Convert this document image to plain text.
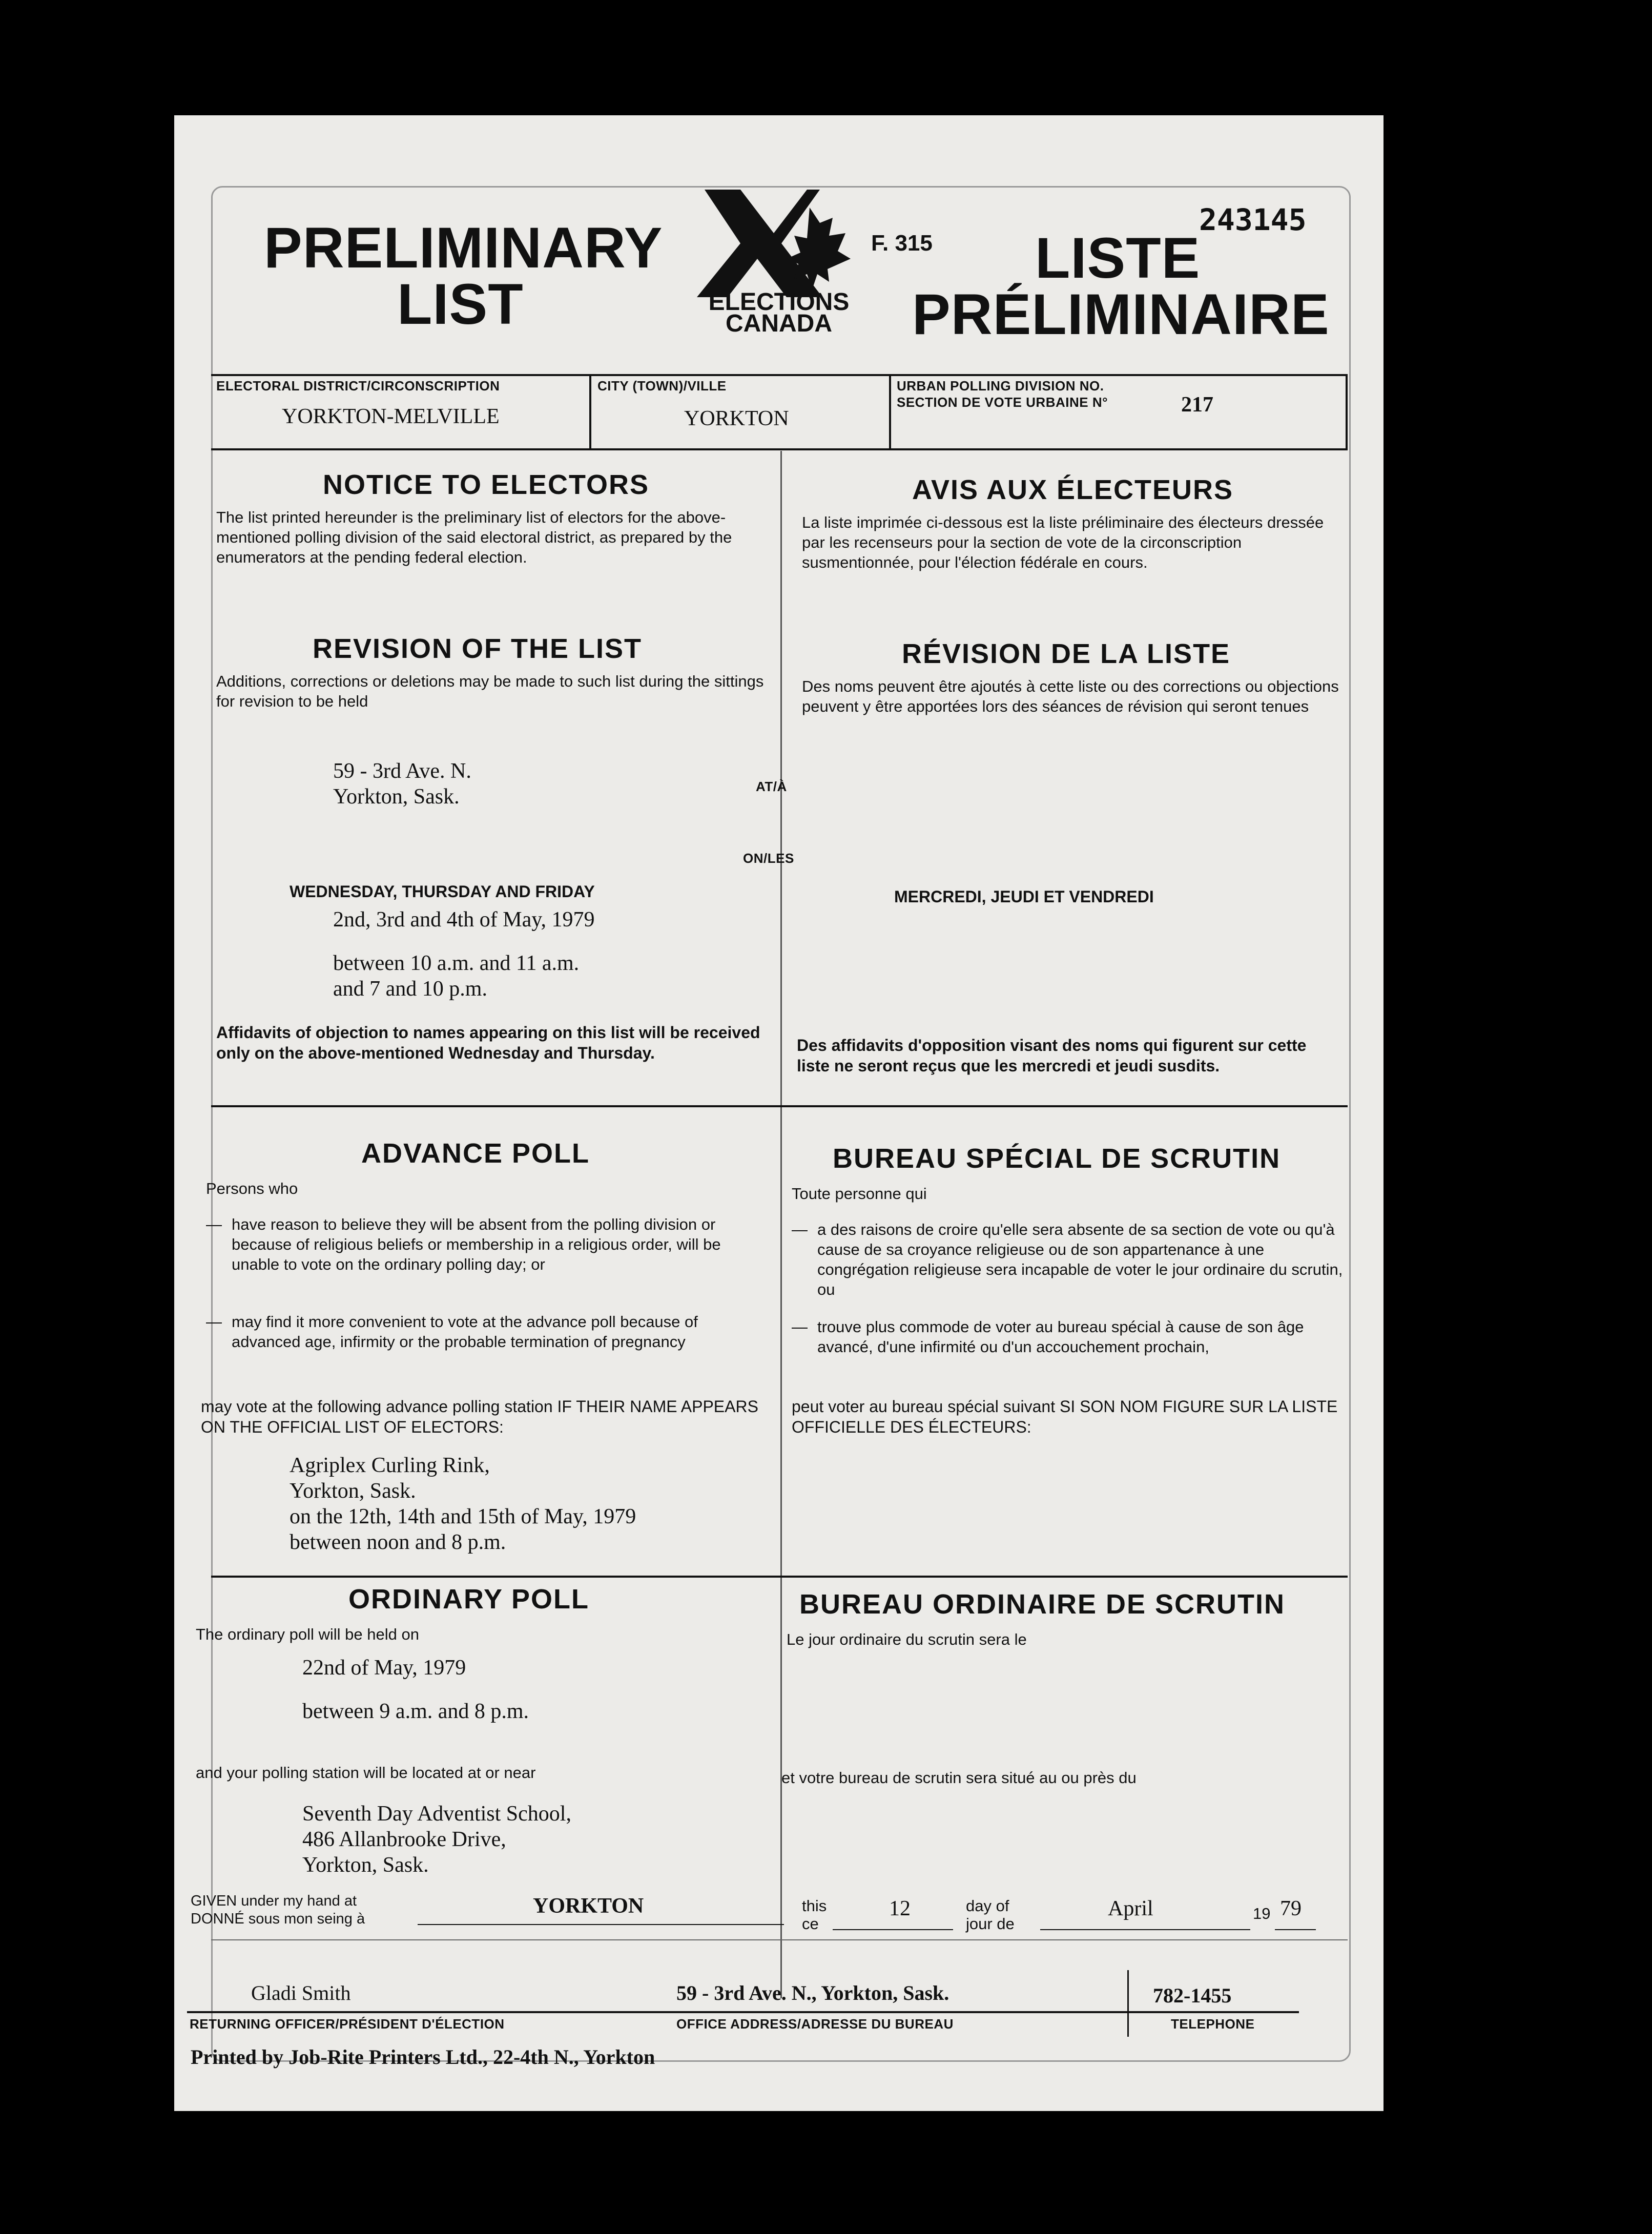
PRELIMINARY
LIST	ELECTIONS
CANADA
F. 315 LISTE
PRÉLIMINAIRE
243145
ELECTORAL DISTRICT/CIRCONSCRIPTION
YORKTON-MELVILLE
CITY (TOWN)/VILLE
YORKTON
URBAN POLLING DIVISION NO.
SECTION DE VOTE URBAINE N°	217
NOTICE TO ELECTORS
The list printed hereunder is the preliminary list of electors for the above-mentioned polling division of the said electoral district, as prepared by the enumerators at the pending federal election.
AVIS AUX ÉLECTEURS
La liste imprimée ci-dessous est la liste préliminaire des électeurs dressée par les recenseurs pour la section de vote de la circonscription susmentionnée, pour l'élection fédérale en cours.
REVISION OF THE LIST
Additions, corrections or deletions may be made to such list during the sittings for revision to be held
RÉVISION DE LA LISTE
Des noms peuvent être ajoutés à cette liste ou des corrections ou objections peuvent y être apportées lors des séances de révision qui seront tenues
59 - 3rd Ave. N.
Yorkton, Sask.	AT/À
ON/LES
WEDNESDAY, THURSDAY AND FRIDAY	MERCREDI, JEUDI ET VENDREDI
2nd, 3rd and 4th of May, 1979
between 10 a.m. and 11 a.m.
and 7 and 10 p.m.
Affidavits of objection to names appearing on this list will be received only on the above-mentioned Wednesday and Thursday.	Des affidavits d'opposition visant des noms qui figurent sur cette liste ne seront reçus que les mercredi et jeudi susdits.
ADVANCE POLL	BUREAU SPÉCIAL DE SCRUTIN
Persons who	Toute personne qui
— have reason to believe they will be absent from the polling division or because of religious beliefs or membership in a religious order, will be unable to vote on the ordinary polling day; or
— may find it more convenient to vote at the advance poll because of advanced age, infirmity or the probable termination of pregnancy
— a des raisons de croire qu'elle sera absente de sa section de vote ou qu'à cause de sa croyance religieuse ou de son appartenance à une congrégation religieuse sera incapable de voter le jour ordinaire du scrutin, ou
— trouve plus commode de voter au bureau spécial à cause de son âge avancé, d'une infirmité ou d'un accouchement prochain,
may vote at the following advance polling station IF THEIR NAME APPEARS ON THE OFFICIAL LIST OF ELECTORS:
peut voter au bureau spécial suivant SI SON NOM FIGURE SUR LA LISTE OFFICIELLE DES ÉLECTEURS:
Agriplex Curling Rink,
Yorkton, Sask.
on the 12th, 14th and 15th of May, 1979
between noon and 8 p.m.
ORDINARY POLL	BUREAU ORDINAIRE DE SCRUTIN
The ordinary poll will be held on	Le jour ordinaire du scrutin sera le
22nd of May, 1979
between 9 a.m. and 8 p.m.
and your polling station will be located at or near	et votre bureau de scrutin sera situé au ou près du
Seventh Day Adventist School,
486 Allanbrooke Drive,
Yorkton, Sask.
GIVEN under my hand at
DONNÉ sous mon seing à
YORKTON	this
ce
12	day of
jour de
April	19 79
Gladi Smith
RETURNING OFFICER/PRÉSIDENT D'ÉLECTION
59 - 3rd Ave. N., Yorkton, Sask.
OFFICE ADDRESS/ADRESSE DU BUREAU
782-1455
TELEPHONE
Printed by Job-Rite Printers Ltd., 22-4th N., Yorkton
